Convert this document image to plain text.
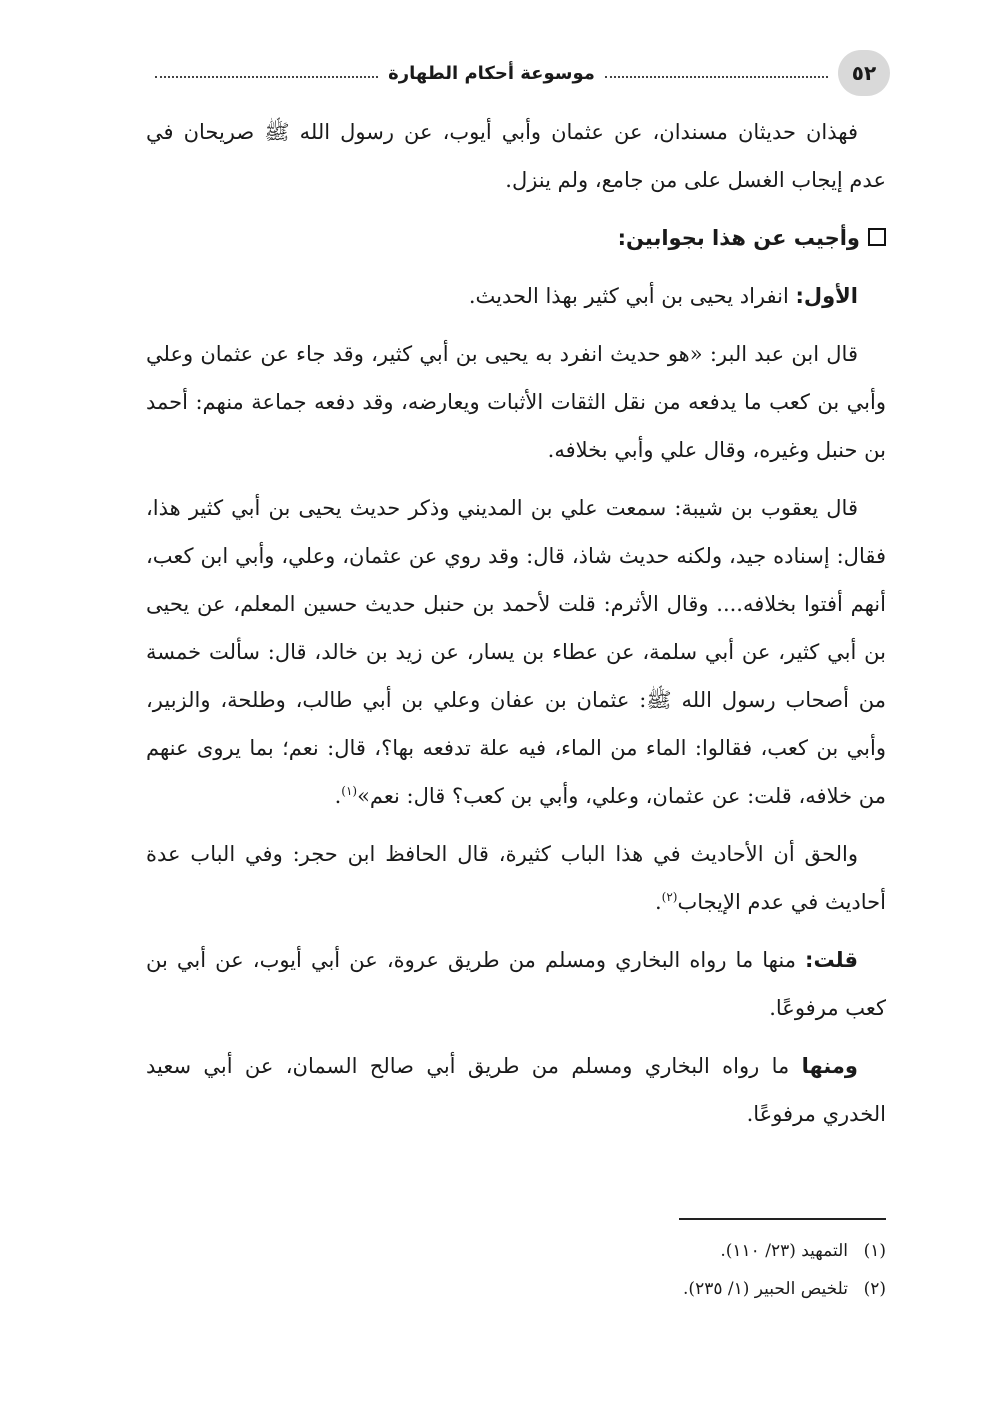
٥٢
موسوعة أحكام الطهارة

فهذان حديثان مسندان، عن عثمان وأبي أيوب، عن رسول الله ﷺ صريحان في عدم إيجاب الغسل على من جامع، ولم ينزل.

وأجيب عن هذا بجوابين:

الأول: انفراد يحيى بن أبي كثير بهذا الحديث.

قال ابن عبد البر: «هو حديث انفرد به يحيى بن أبي كثير، وقد جاء عن عثمان وعلي وأبي بن كعب ما يدفعه من نقل الثقات الأثبات ويعارضه، وقد دفعه جماعة منهم: أحمد بن حنبل وغيره، وقال علي وأبي بخلافه.

قال يعقوب بن شيبة: سمعت علي بن المديني وذكر حديث يحيى بن أبي كثير هذا، فقال: إسناده جيد، ولكنه حديث شاذ، قال: وقد روي عن عثمان، وعلي، وأبي ابن كعب، أنهم أفتوا بخلافه.... وقال الأثرم: قلت لأحمد بن حنبل حديث حسين المعلم، عن يحيى بن أبي كثير، عن أبي سلمة، عن عطاء بن يسار، عن زيد بن خالد، قال: سألت خمسة من أصحاب رسول الله ﷺ: عثمان بن عفان وعلي بن أبي طالب، وطلحة، والزبير، وأبي بن كعب، فقالوا: الماء من الماء، فيه علة تدفعه بها؟، قال: نعم؛ بما يروى عنهم من خلافه، قلت: عن عثمان، وعلي، وأبي بن كعب؟ قال: نعم»$^{(١)}$.

والحق أن الأحاديث في هذا الباب كثيرة، قال الحافظ ابن حجر: وفي الباب عدة أحاديث في عدم الإيجاب$^{(٢)}$.

قلت: منها ما رواه البخاري ومسلم من طريق عروة، عن أبي أيوب، عن أبي بن كعب مرفوعًا.

ومنها ما رواه البخاري ومسلم من طريق أبي صالح السمان، عن أبي سعيد الخدري مرفوعًا.

(١)التمهيد (٢٣/ ١١٠).
(٢)تلخيص الحبير (١/ ٢٣٥).
